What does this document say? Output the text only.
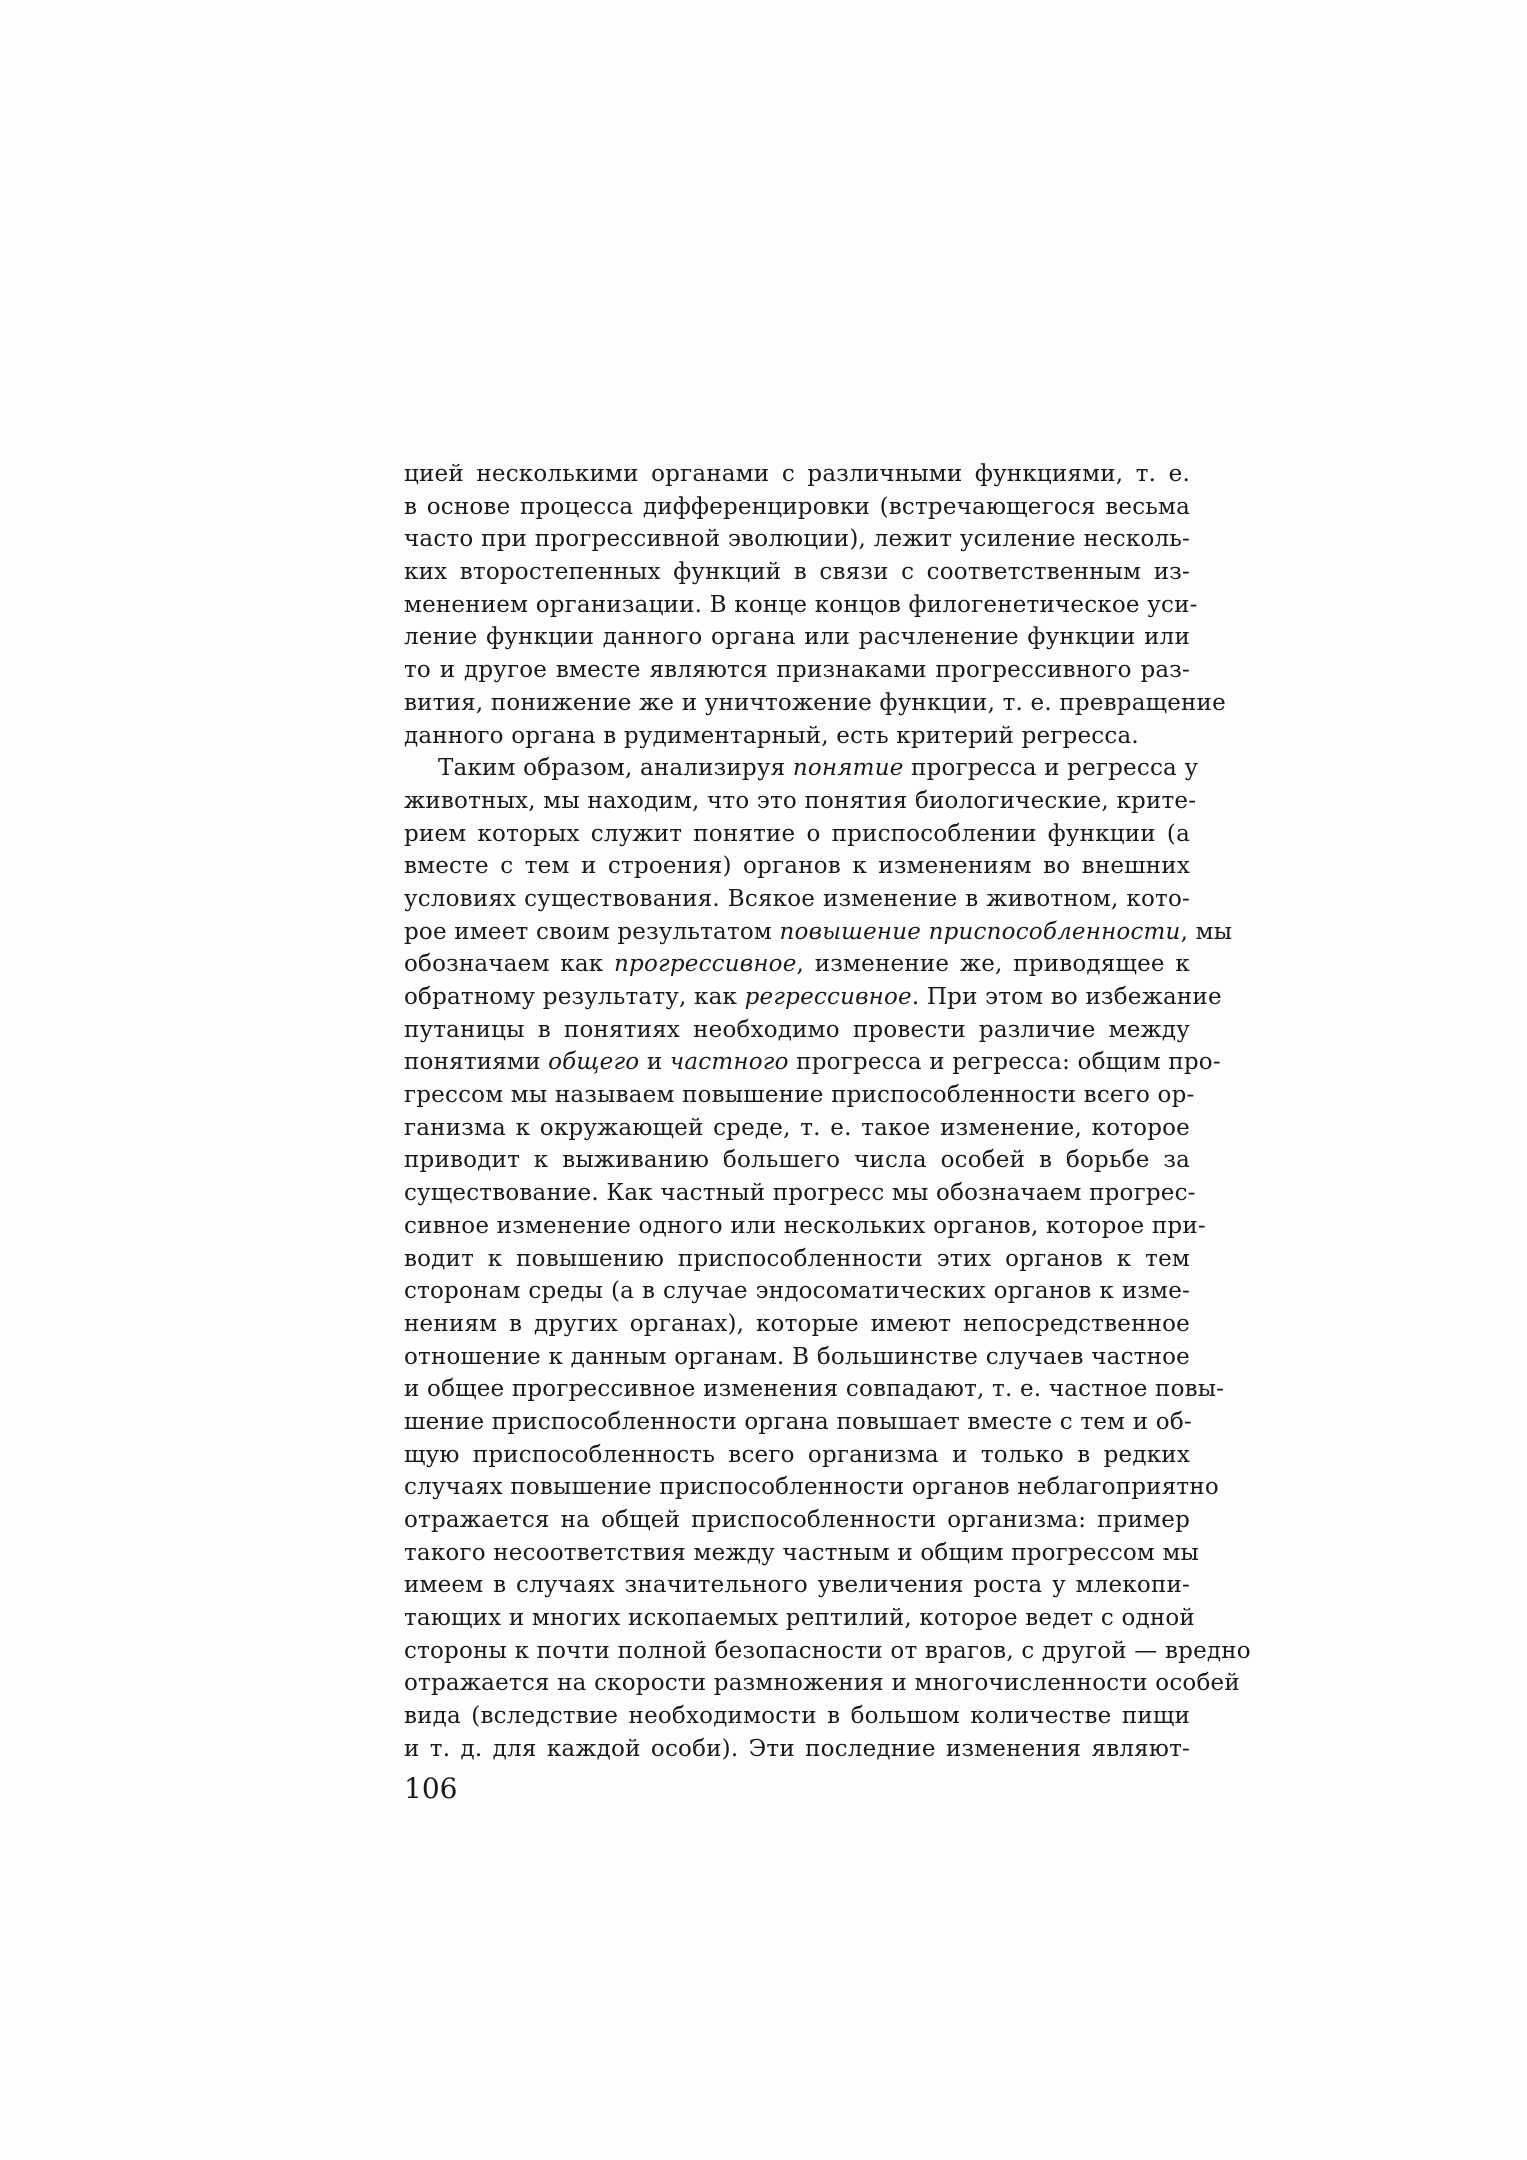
цией несколькими органами с различными функциями, т. е.
в основе процесса дифференцировки (встречающегося весьма
часто при прогрессивной эволюции), лежит усиление несколь-
ких второстепенных функций в связи с соответственным из-
менением организации. В конце концов филогенетическое уси-
ление функции данного органа или расчленение функции или
то и другое вместе являются признаками прогрессивного раз-
вития, понижение же и уничтожение функции, т. е. превращение
данного органа в рудиментарный, есть критерий регресса.
Таким образом, анализируя понятие прогресса и регресса у
животных, мы находим, что это понятия биологические, крите-
рием которых служит понятие о приспособлении функции (а
вместе с тем и строения) органов к изменениям во внешних
условиях существования. Всякое изменение в животном, кото-
рое имеет своим результатом повышение приспособленности, мы
обозначаем как прогрессивное, изменение же, приводящее к
обратному результату, как регрессивное. При этом во избежание
путаницы в понятиях необходимо провести различие между
понятиями общего и частного прогресса и регресса: общим про-
грессом мы называем повышение приспособленности всего ор-
ганизма к окружающей среде, т. е. такое изменение, которое
приводит к выживанию большего числа особей в борьбе за
существование. Как частный прогресс мы обозначаем прогрес-
сивное изменение одного или нескольких органов, которое при-
водит к повышению приспособленности этих органов к тем
сторонам среды (а в случае эндосоматических органов к изме-
нениям в других органах), которые имеют непосредственное
отношение к данным органам. В большинстве случаев частное
и общее прогрессивное изменения совпадают, т. е. частное повы-
шение приспособленности органа повышает вместе с тем и об-
щую приспособленность всего организма и только в редких
случаях повышение приспособленности органов неблагоприятно
отражается на общей приспособленности организма: пример
такого несоответствия между частным и общим прогрессом мы
имеем в случаях значительного увеличения роста у млекопи-
тающих и многих ископаемых рептилий, которое ведет с одной
стороны к почти полной безопасности от врагов, с другой — вредно
отражается на скорости размножения и многочисленности особей
вида (вследствие необходимости в большом количестве пищи
и т. д. для каждой особи). Эти последние изменения являют-
106
